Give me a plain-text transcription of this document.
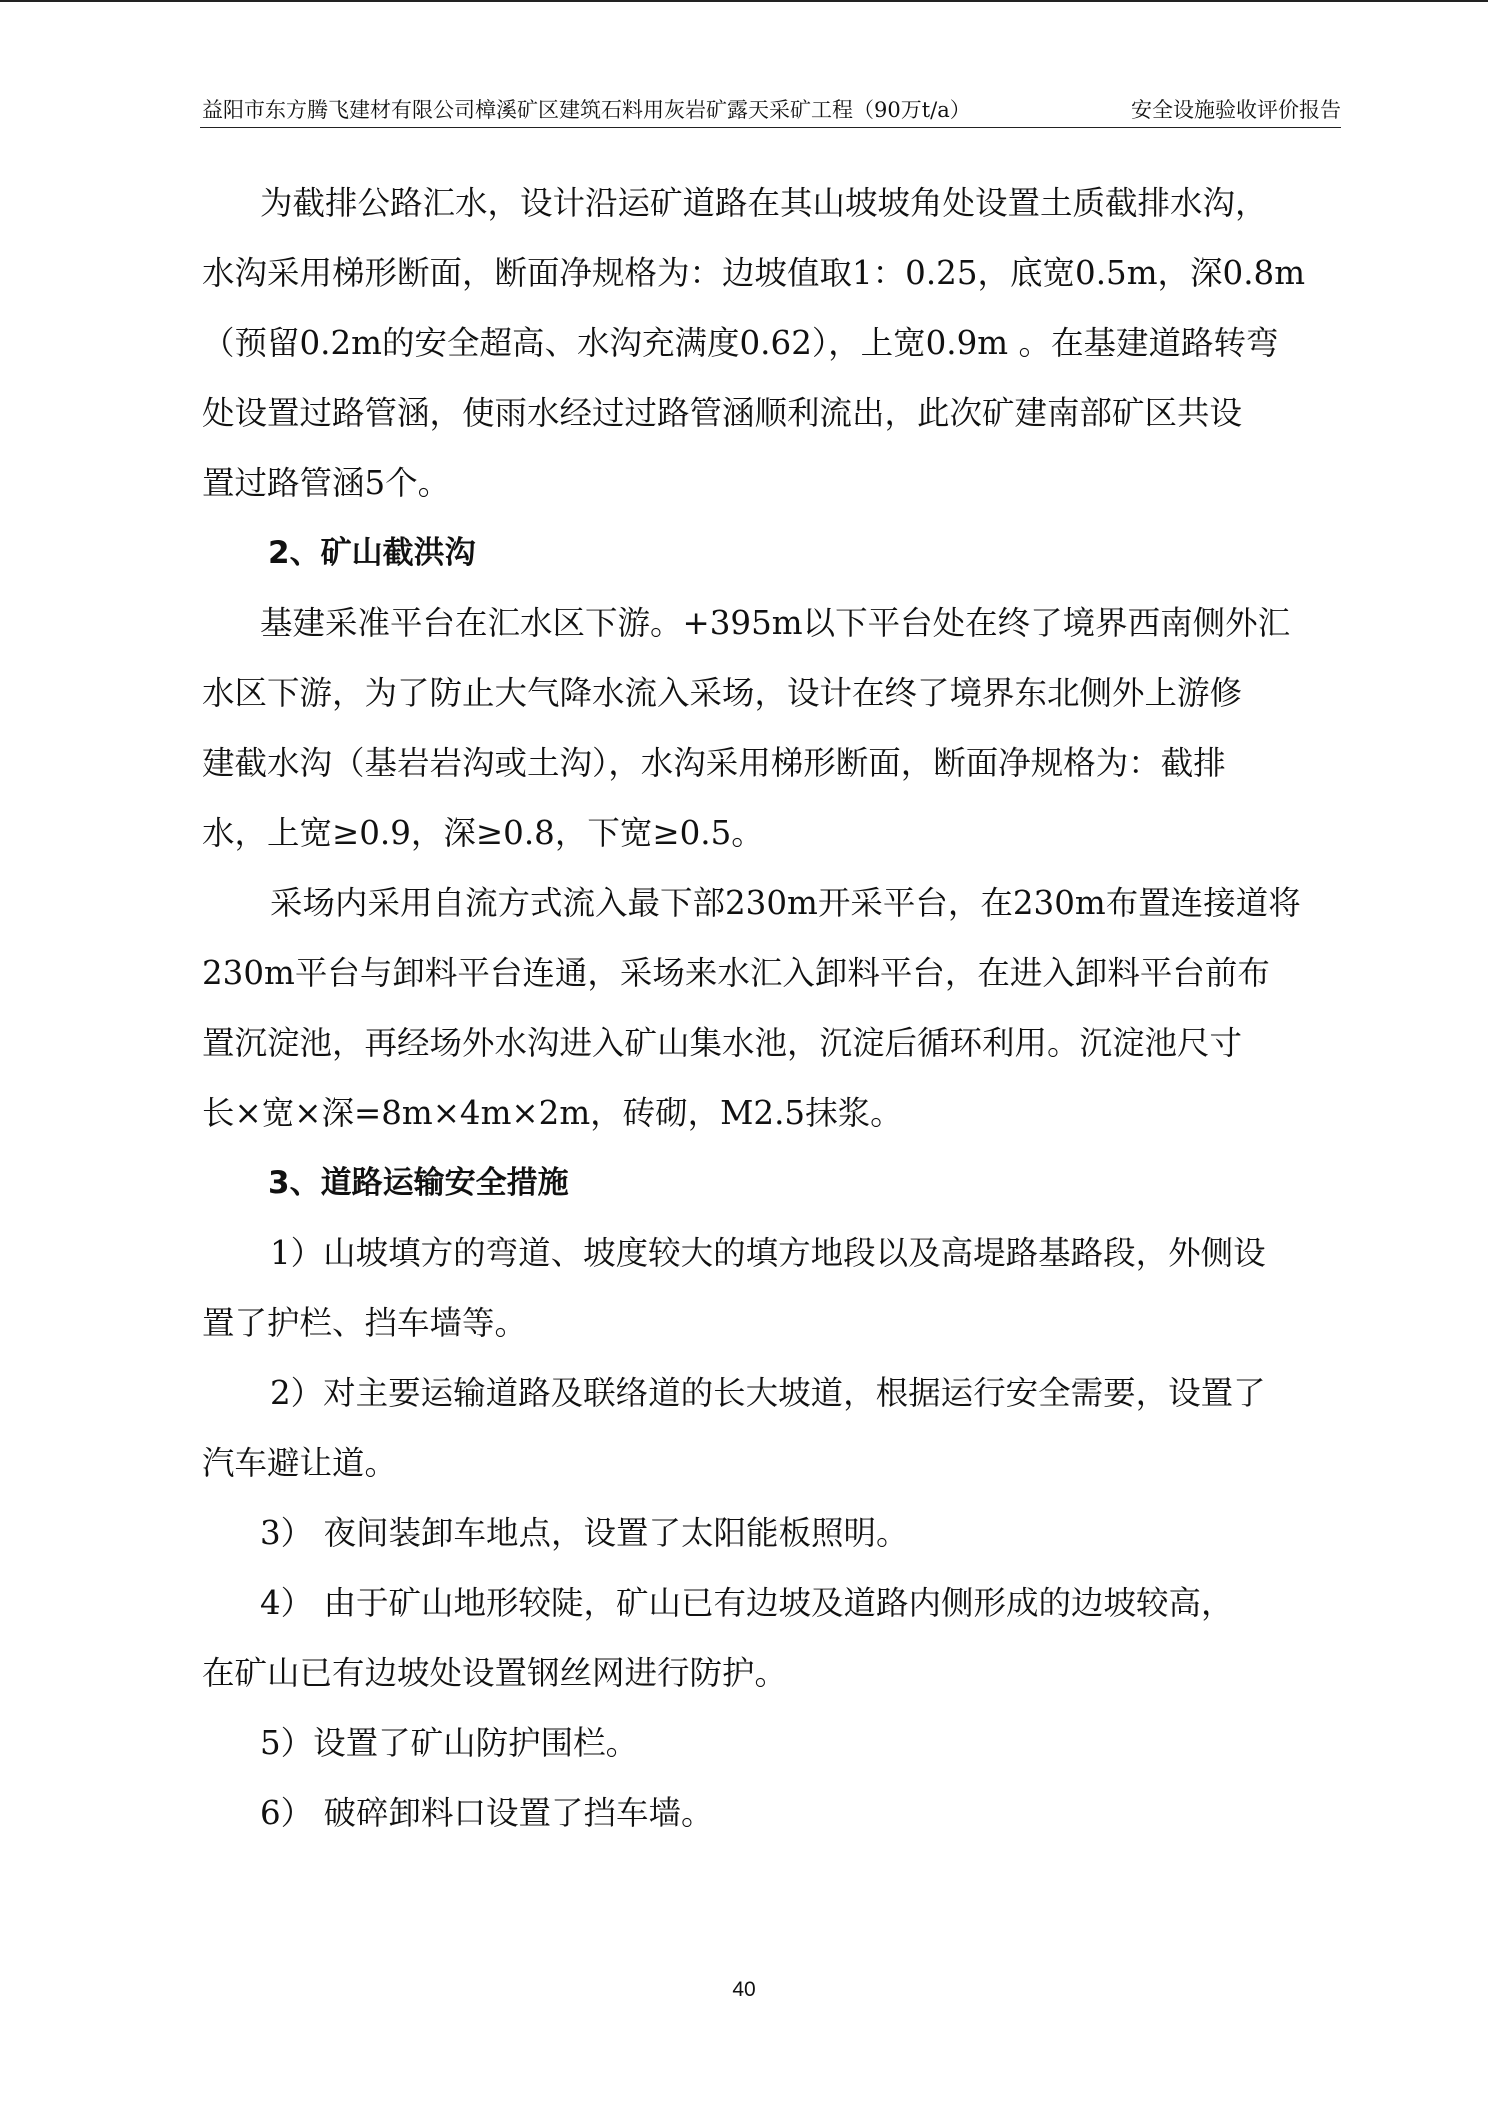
益阳市东方腾飞建材有限公司樟溪矿区建筑石料用灰岩矿露天采矿工程（90万t/a）	安全设施验收评价报告
为截排公路汇水，设计沿运矿道路在其山坡坡角处设置土质截排水沟，
水沟采用梯形断面，断面净规格为：边坡值取1：0.25，底宽0.5m，深0.8m
（预留0.2m的安全超高、水沟充满度0.62），上宽0.9m 。在基建道路转弯
处设置过路管涵，使雨水经过过路管涵顺利流出，此次矿建南部矿区共设
置过路管涵5个。
2、矿山截洪沟
基建采准平台在汇水区下游。+395m以下平台处在终了境界西南侧外汇
水区下游，为了防止大气降水流入采场，设计在终了境界东北侧外上游修
建截水沟（基岩岩沟或土沟），水沟采用梯形断面，断面净规格为：截排
水，上宽≥0.9，深≥0.8，下宽≥0.5。
采场内采用自流方式流入最下部230m开采平台，在230m布置连接道将
230m平台与卸料平台连通，采场来水汇入卸料平台，在进入卸料平台前布
置沉淀池，再经场外水沟进入矿山集水池，沉淀后循环利用。沉淀池尺寸
长×宽×深=8m×4m×2m，砖砌，M2.5抹浆。
3、道路运输安全措施
1）山坡填方的弯道、坡度较大的填方地段以及高堤路基路段，外侧设
置了护栏、挡车墙等。
2）对主要运输道路及联络道的长大坡道，根据运行安全需要，设置了
汽车避让道。
3） 夜间装卸车地点，设置了太阳能板照明。
4） 由于矿山地形较陡，矿山已有边坡及道路内侧形成的边坡较高，
在矿山已有边坡处设置钢丝网进行防护。
5）设置了矿山防护围栏。
6） 破碎卸料口设置了挡车墙。
40
